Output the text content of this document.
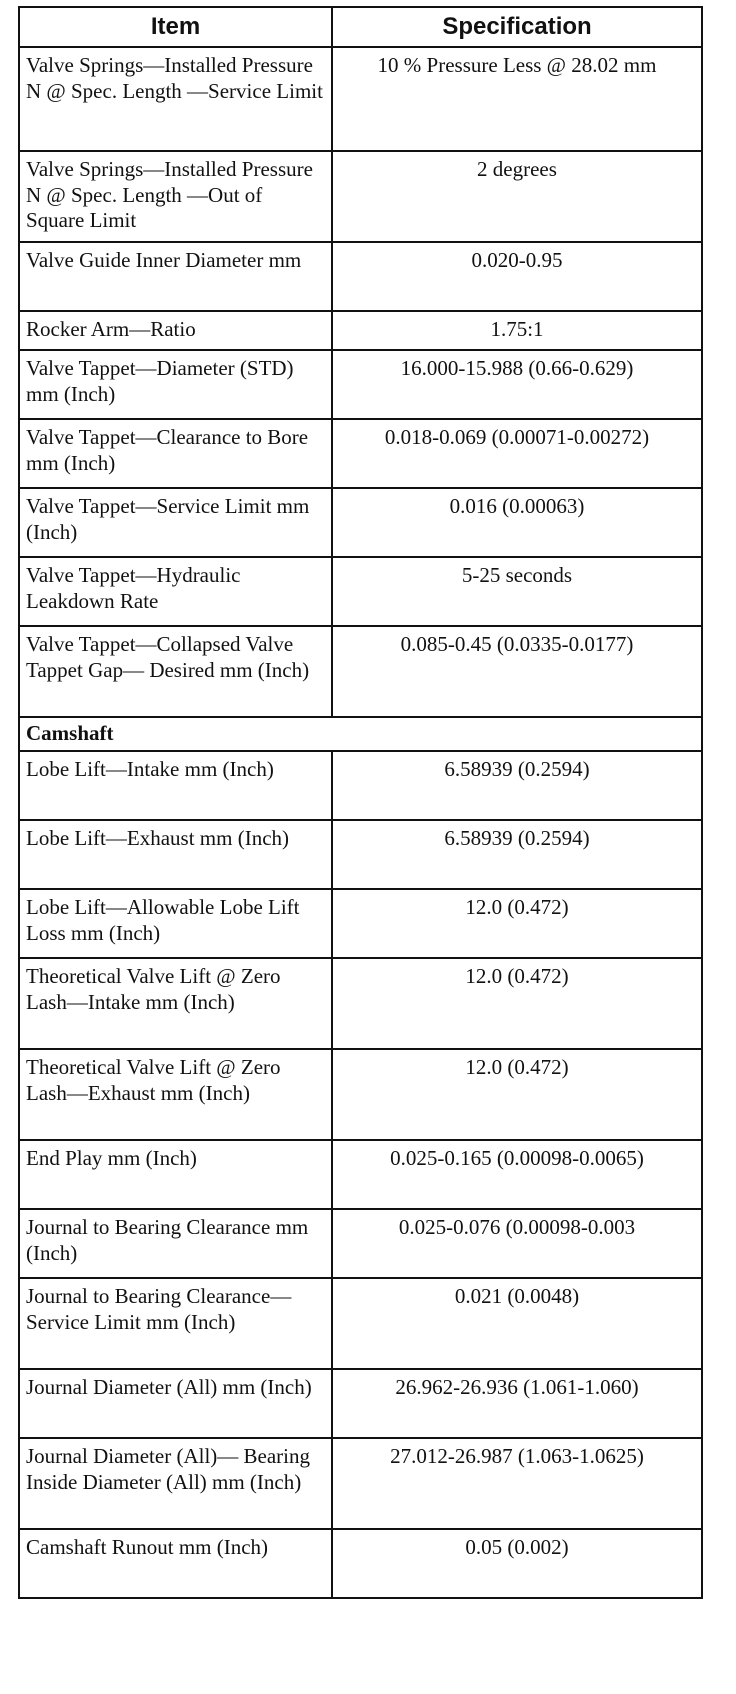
Item	Specification
Valve Springs—Installed Pressure N @ Spec. Length —Service Limit	10 % Pressure Less @ 28.02 mm
Valve Springs—Installed Pressure N @ Spec. Length —Out of Square Limit	2 degrees
Valve Guide Inner Diameter mm	0.020-0.95
Rocker Arm—Ratio	1.75:1
Valve Tappet—Diameter (STD) mm (Inch)	16.000-15.988 (0.66-0.629)
Valve Tappet—Clearance to Bore mm (Inch)	0.018-0.069 (0.00071-0.00272)
Valve Tappet—Service Limit mm (Inch)	0.016 (0.00063)
Valve Tappet—Hydraulic Leakdown Rate	5-25 seconds
Valve Tappet—Collapsed Valve Tappet Gap— Desired mm (Inch)	0.085-0.45 (0.0335-0.0177)
Camshaft	
Lobe Lift—Intake mm (Inch)	6.58939 (0.2594)
Lobe Lift—Exhaust mm (Inch)	6.58939 (0.2594)
Lobe Lift—Allowable Lobe Lift Loss mm (Inch)	12.0 (0.472)
Theoretical Valve Lift @ Zero Lash—Intake mm (Inch)	12.0 (0.472)
Theoretical Valve Lift @ Zero Lash—Exhaust mm (Inch)	12.0 (0.472)
End Play mm (Inch)	0.025-0.165 (0.00098-0.0065)
Journal to Bearing Clearance mm (Inch)	0.025-0.076 (0.00098-0.003
Journal to Bearing Clearance—Service Limit mm (Inch)	0.021 (0.0048)
Journal Diameter (All) mm (Inch)	26.962-26.936 (1.061-1.060)
Journal Diameter (All)— Bearing Inside Diameter (All) mm (Inch)	27.012-26.987 (1.063-1.0625)
Camshaft Runout mm (Inch)	0.05 (0.002)
